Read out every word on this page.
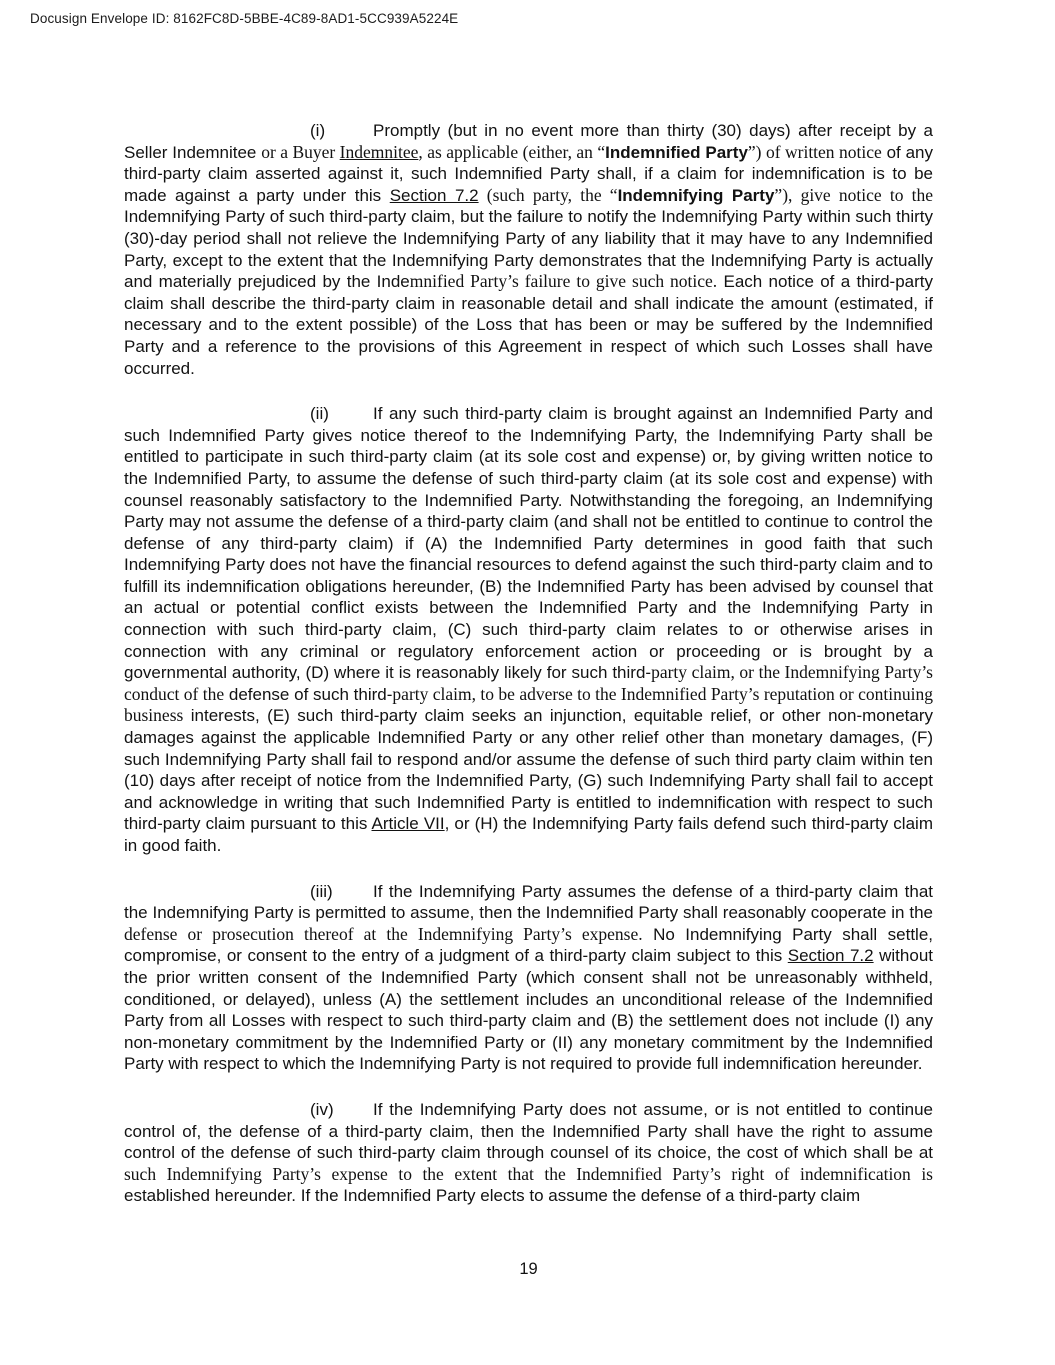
Docusign Envelope ID: 8162FC8D-5BBE-4C89-8AD1-5CC939A5224E

(i)	Promptly (but in no event more than thirty (30) days) after receipt by a Seller Indemnitee or a Buyer Indemnitee, as applicable (either, an “Indemnified Party”) of written notice of any third-party claim asserted against it, such Indemnified Party shall, if a claim for indemnification is to be made against a party under this Section 7.2 (such party, the “Indemnifying Party”), give notice to the Indemnifying Party of such third-party claim, but the failure to notify the Indemnifying Party within such thirty (30)-day period shall not relieve the Indemnifying Party of any liability that it may have to any Indemnified Party, except to the extent that the Indemnifying Party demonstrates that the Indemnifying Party is actually and materially prejudiced by the Indemnified Party’s failure to give such notice. Each notice of a third-party claim shall describe the third-party claim in reasonable detail and shall indicate the amount (estimated, if necessary and to the extent possible) of the Loss that has been or may be suffered by the Indemnified Party and a reference to the provisions of this Agreement in respect of which such Losses shall have occurred.

(ii)	If any such third-party claim is brought against an Indemnified Party and such Indemnified Party gives notice thereof to the Indemnifying Party, the Indemnifying Party shall be entitled to participate in such third-party claim (at its sole cost and expense) or, by giving written notice to the Indemnified Party, to assume the defense of such third-party claim (at its sole cost and expense) with counsel reasonably satisfactory to the Indemnified Party. Notwithstanding the foregoing, an Indemnifying Party may not assume the defense of a third-party claim (and shall not be entitled to continue to control the defense of any third-party claim) if (A) the Indemnified Party determines in good faith that such Indemnifying Party does not have the financial resources to defend against the such third-party claim and to fulfill its indemnification obligations hereunder, (B) the Indemnified Party has been advised by counsel that an actual or potential conflict exists between the Indemnified Party and the Indemnifying Party in connection with such third-party claim, (C) such third-party claim relates to or otherwise arises in connection with any criminal or regulatory enforcement action or proceeding or is brought by a governmental authority, (D) where it is reasonably likely for such third-party claim, or the Indemnifying Party’s conduct of the defense of such third-party claim, to be adverse to the Indemnified Party’s reputation or continuing business interests, (E) such third-party claim seeks an injunction, equitable relief, or other non-monetary damages against the applicable Indemnified Party or any other relief other than monetary damages, (F) such Indemnifying Party shall fail to respond and/or assume the defense of such third party claim within ten (10) days after receipt of notice from the Indemnified Party, (G) such Indemnifying Party shall fail to accept and acknowledge in writing that such Indemnified Party is entitled to indemnification with respect to such third-party claim pursuant to this Article VII, or (H) the Indemnifying Party fails defend such third-party claim in good faith.

(iii) If the Indemnifying Party assumes the defense of a third-party claim that the Indemnifying Party is permitted to assume, then the Indemnified Party shall reasonably cooperate in the defense or prosecution thereof at the Indemnifying Party’s expense. No Indemnifying Party shall settle, compromise, or consent to the entry of a judgment of a third-party claim subject to this Section 7.2 without the prior written consent of the Indemnified Party (which consent shall not be unreasonably withheld, conditioned, or delayed), unless (A) the settlement includes an unconditional release of the Indemnified Party from all Losses with respect to such third-party claim and (B) the settlement does not include (I) any non-monetary commitment by the Indemnified Party or (II) any monetary commitment by the Indemnified Party with respect to which the Indemnifying Party is not required to provide full indemnification hereunder.

(iv) If the Indemnifying Party does not assume, or is not entitled to continue control of, the defense of a third-party claim, then the Indemnified Party shall have the right to assume control of the defense of such third-party claim through counsel of its choice, the cost of which shall be at such Indemnifying Party’s expense to the extent that the Indemnified Party’s right of indemnification is established hereunder. If the Indemnified Party elects to assume the defense of a third-party claim

19
